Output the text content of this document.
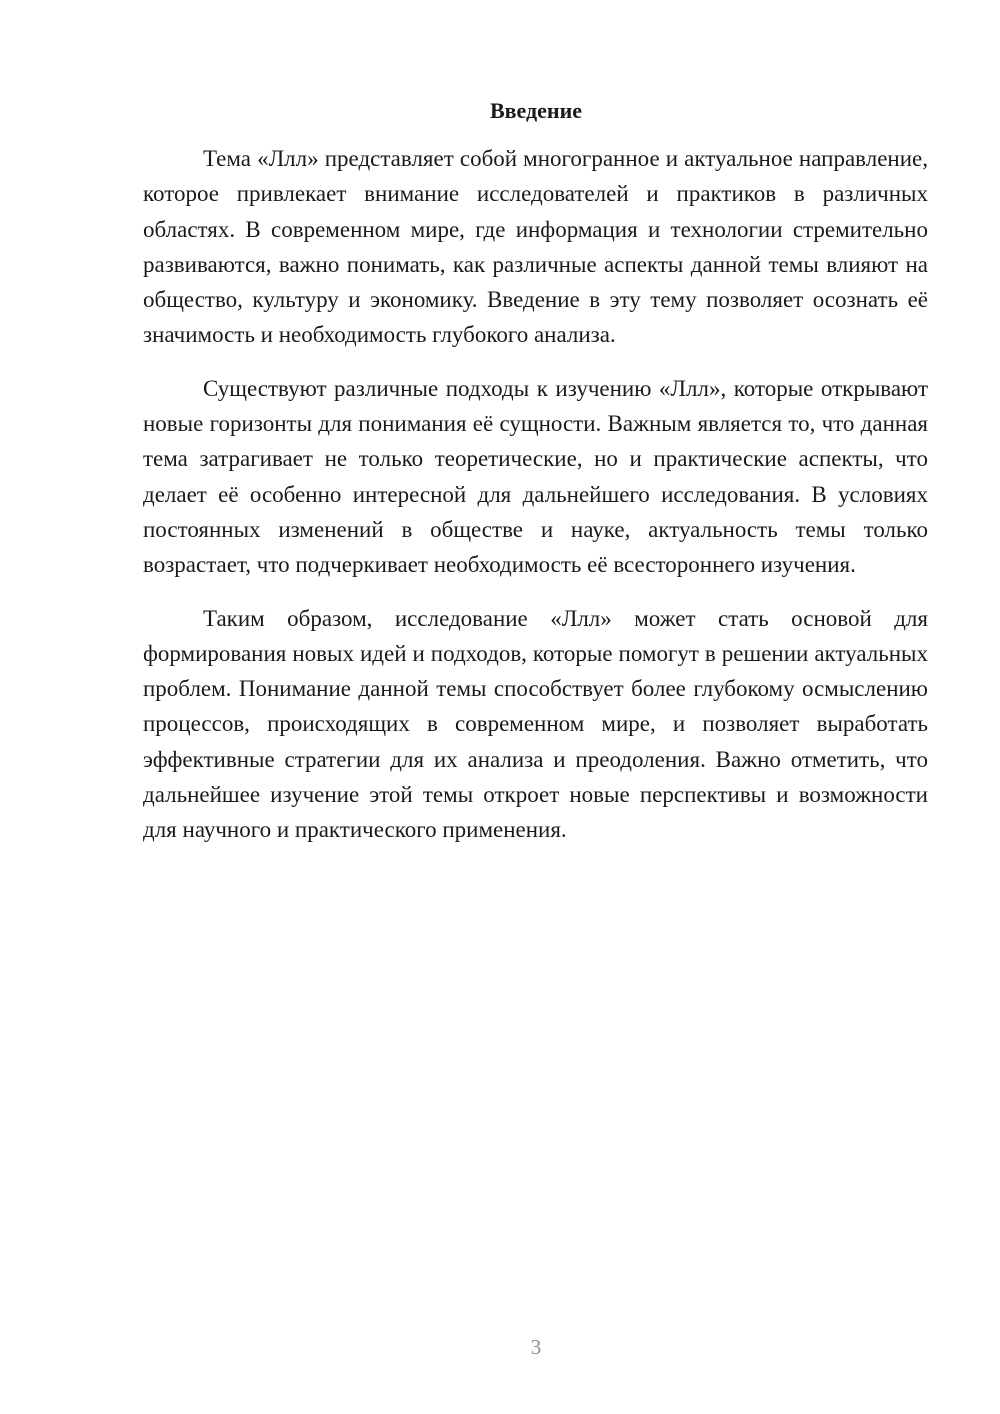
Введение

Тема «Ллл» представляет собой многогранное и актуальное направление, которое привлекает внимание исследователей и практиков в различных областях. В современном мире, где информация и технологии стремительно развиваются, важно понимать, как различные аспекты данной темы влияют на общество, культуру и экономику. Введение в эту тему позволяет осознать её значимость и необходимость глубокого анализа.

Существуют различные подходы к изучению «Ллл», которые открывают новые горизонты для понимания её сущности. Важным является то, что данная тема затрагивает не только теоретические, но и практические аспекты, что делает её особенно интересной для дальнейшего исследования. В условиях постоянных изменений в обществе и науке, актуальность темы только возрастает, что подчеркивает необходимость её всестороннего изучения.

Таким образом, исследование «Ллл» может стать основой для формирования новых идей и подходов, которые помогут в решении актуальных проблем. Понимание данной темы способствует более глубокому осмыслению процессов, происходящих в современном мире, и позволяет выработать эффективные стратегии для их анализа и преодоления. Важно отметить, что дальнейшее изучение этой темы откроет новые перспективы и возможности для научного и практического применения.

3
